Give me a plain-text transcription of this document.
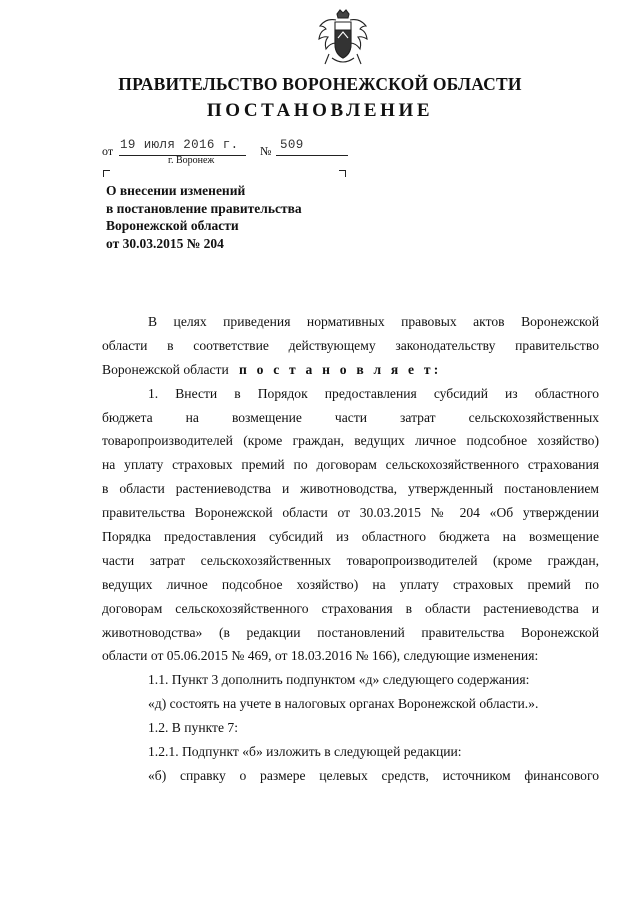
ПРАВИТЕЛЬСТВО ВОРОНЕЖСКОЙ ОБЛАСТИ
ПОСТАНОВЛЕНИЕ
от 19 июля 2016 г. № 509
г. Воронеж
О внесении изменений
в постановление правительства
Воронежской области
от 30.03.2015 № 204
В целях приведения нормативных правовых актов Воронежской
области в соответствие действующему законодательству правительство
Воронежской области п о с т а н о в л я е т:
1. Внести в Порядок предоставления субсидий из областного
бюджета на возмещение части затрат сельскохозяйственных
товаропроизводителей (кроме граждан, ведущих личное подсобное хозяйство)
на уплату страховых премий по договорам сельскохозяйственного страхования
в области растениеводства и животноводства, утвержденный постановлением
правительства Воронежской области от 30.03.2015 № 204 «Об утверждении
Порядка предоставления субсидий из областного бюджета на возмещение
части затрат сельскохозяйственных товаропроизводителей (кроме граждан,
ведущих личное подсобное хозяйство) на уплату страховых премий по
договорам сельскохозяйственного страхования в области растениеводства и
животноводства» (в редакции постановлений правительства Воронежской
области от 05.06.2015 № 469, от 18.03.2016 № 166), следующие изменения:
1.1. Пункт 3 дополнить подпунктом «д» следующего содержания:
«д) состоять на учете в налоговых органах Воронежской области.».
1.2. В пункте 7:
1.2.1. Подпункт «б» изложить в следующей редакции:
«б) справку о размере целевых средств, источником финансового
